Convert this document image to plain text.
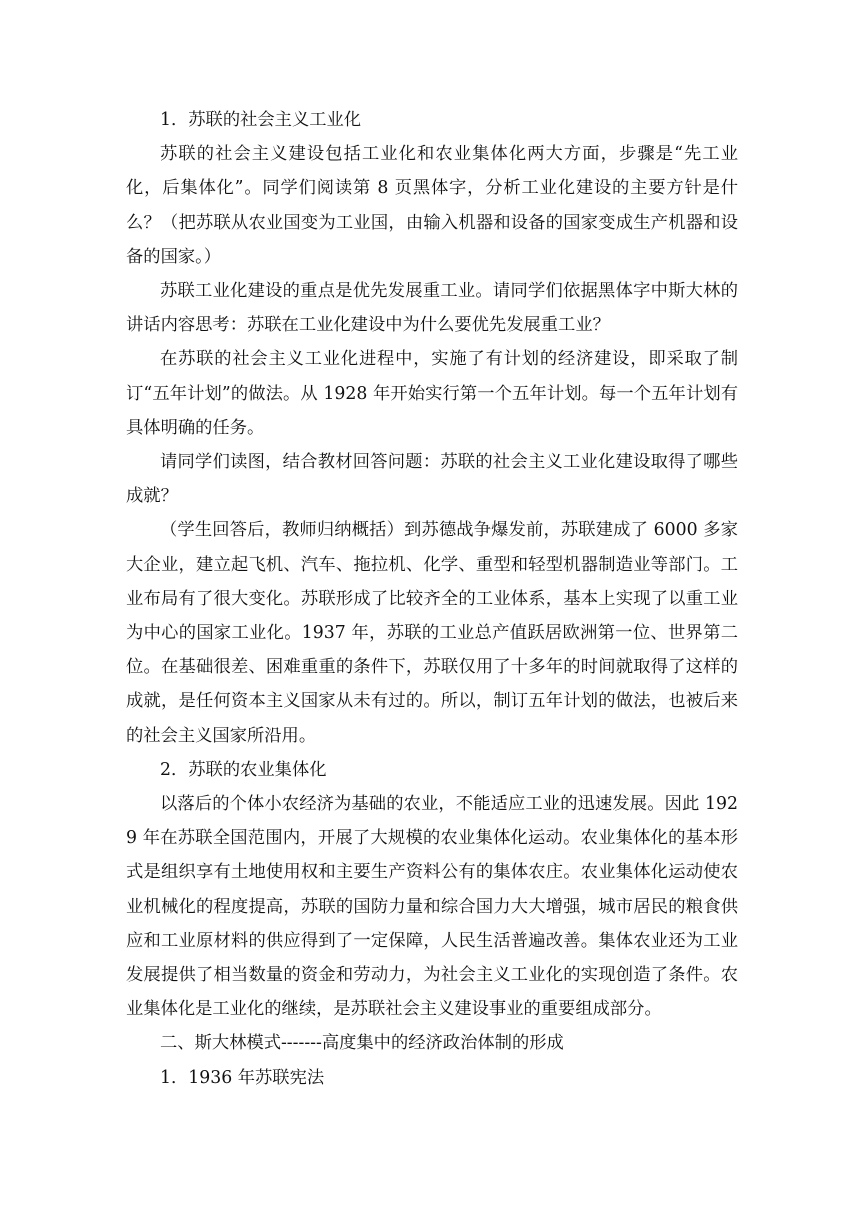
1．苏联的社会主义工业化

苏联的社会主义建设包括工业化和农业集体化两大方面，步骤是“先工业化，后集体化”。同学们阅读第 8 页黑体字，分析工业化建设的主要方针是什么？（把苏联从农业国变为工业国，由输入机器和设备的国家变成生产机器和设备的国家。）

苏联工业化建设的重点是优先发展重工业。请同学们依据黑体字中斯大林的讲话内容思考：苏联在工业化建设中为什么要优先发展重工业？

在苏联的社会主义工业化进程中，实施了有计划的经济建设，即采取了制订“五年计划”的做法。从 1928 年开始实行第一个五年计划。每一个五年计划有具体明确的任务。

请同学们读图，结合教材回答问题：苏联的社会主义工业化建设取得了哪些成就？

（学生回答后，教师归纳概括）到苏德战争爆发前，苏联建成了 6000 多家大企业，建立起飞机、汽车、拖拉机、化学、重型和轻型机器制造业等部门。工业布局有了很大变化。苏联形成了比较齐全的工业体系，基本上实现了以重工业为中心的国家工业化。1937 年，苏联的工业总产值跃居欧洲第一位、世界第二位。在基础很差、困难重重的条件下，苏联仅用了十多年的时间就取得了这样的成就，是任何资本主义国家从未有过的。所以，制订五年计划的做法，也被后来的社会主义国家所沿用。

2．苏联的农业集体化

以落后的个体小农经济为基础的农业，不能适应工业的迅速发展。因此 1929 年在苏联全国范围内，开展了大规模的农业集体化运动。农业集体化的基本形式是组织享有土地使用权和主要生产资料公有的集体农庄。农业集体化运动使农业机械化的程度提高，苏联的国防力量和综合国力大大增强，城市居民的粮食供应和工业原材料的供应得到了一定保障，人民生活普遍改善。集体农业还为工业发展提供了相当数量的资金和劳动力，为社会主义工业化的实现创造了条件。农业集体化是工业化的继续，是苏联社会主义建设事业的重要组成部分。

二、斯大林模式-------高度集中的经济政治体制的形成

1．1936 年苏联宪法
